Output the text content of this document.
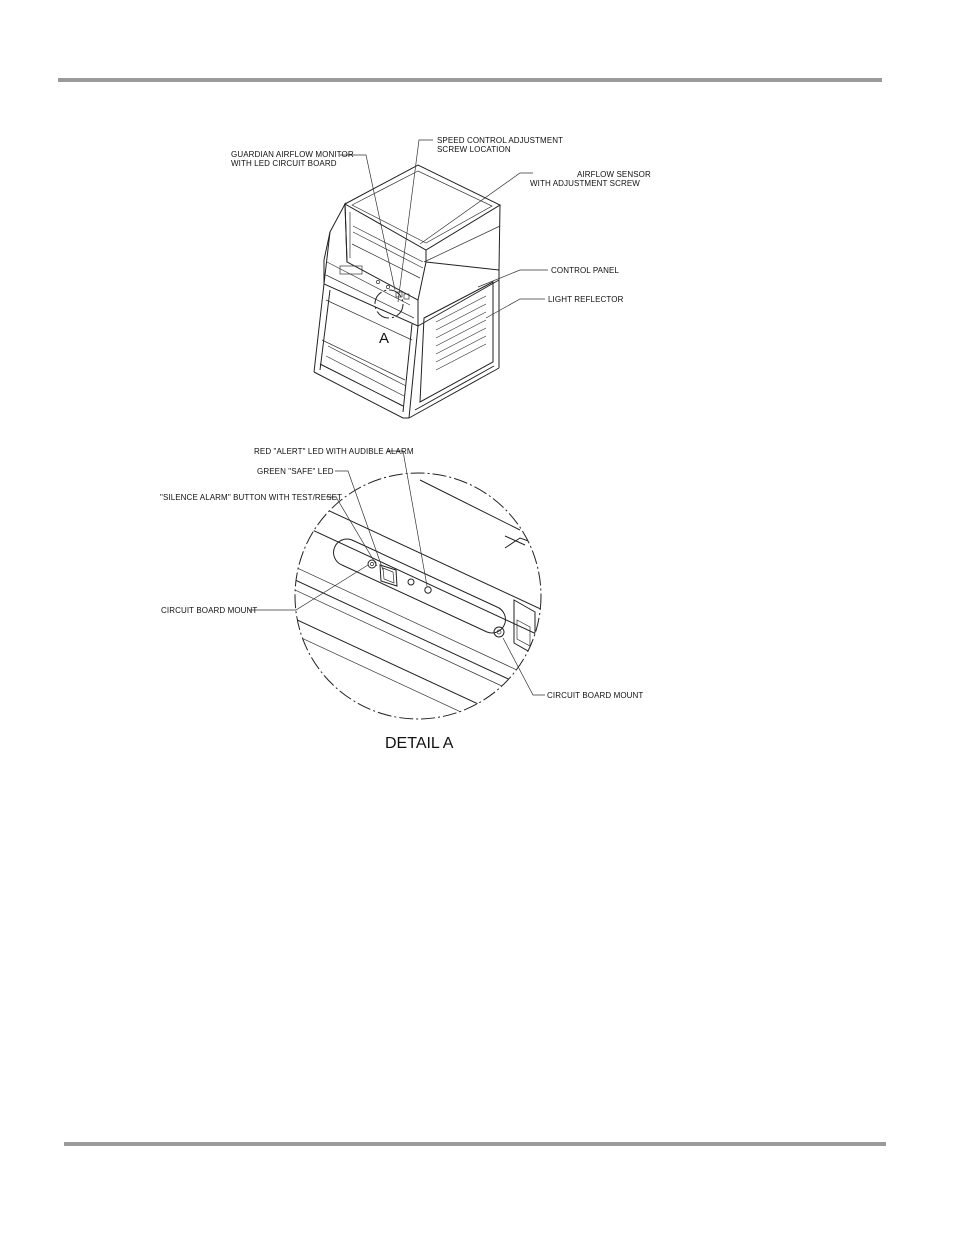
A
GUARDIAN AIRFLOW MONITOR
WITH LED CIRCUIT BOARD
SPEED CONTROL ADJUSTMENT
SCREW LOCATION
AIRFLOW SENSOR
WITH ADJUSTMENT SCREW
CONTROL PANEL
LIGHT REFLECTOR
RED "ALERT" LED WITH AUDIBLE ALARM
GREEN "SAFE" LED
"SILENCE ALARM" BUTTON WITH TEST/RESET
CIRCUIT BOARD MOUNT
CIRCUIT BOARD MOUNT
DETAIL A
